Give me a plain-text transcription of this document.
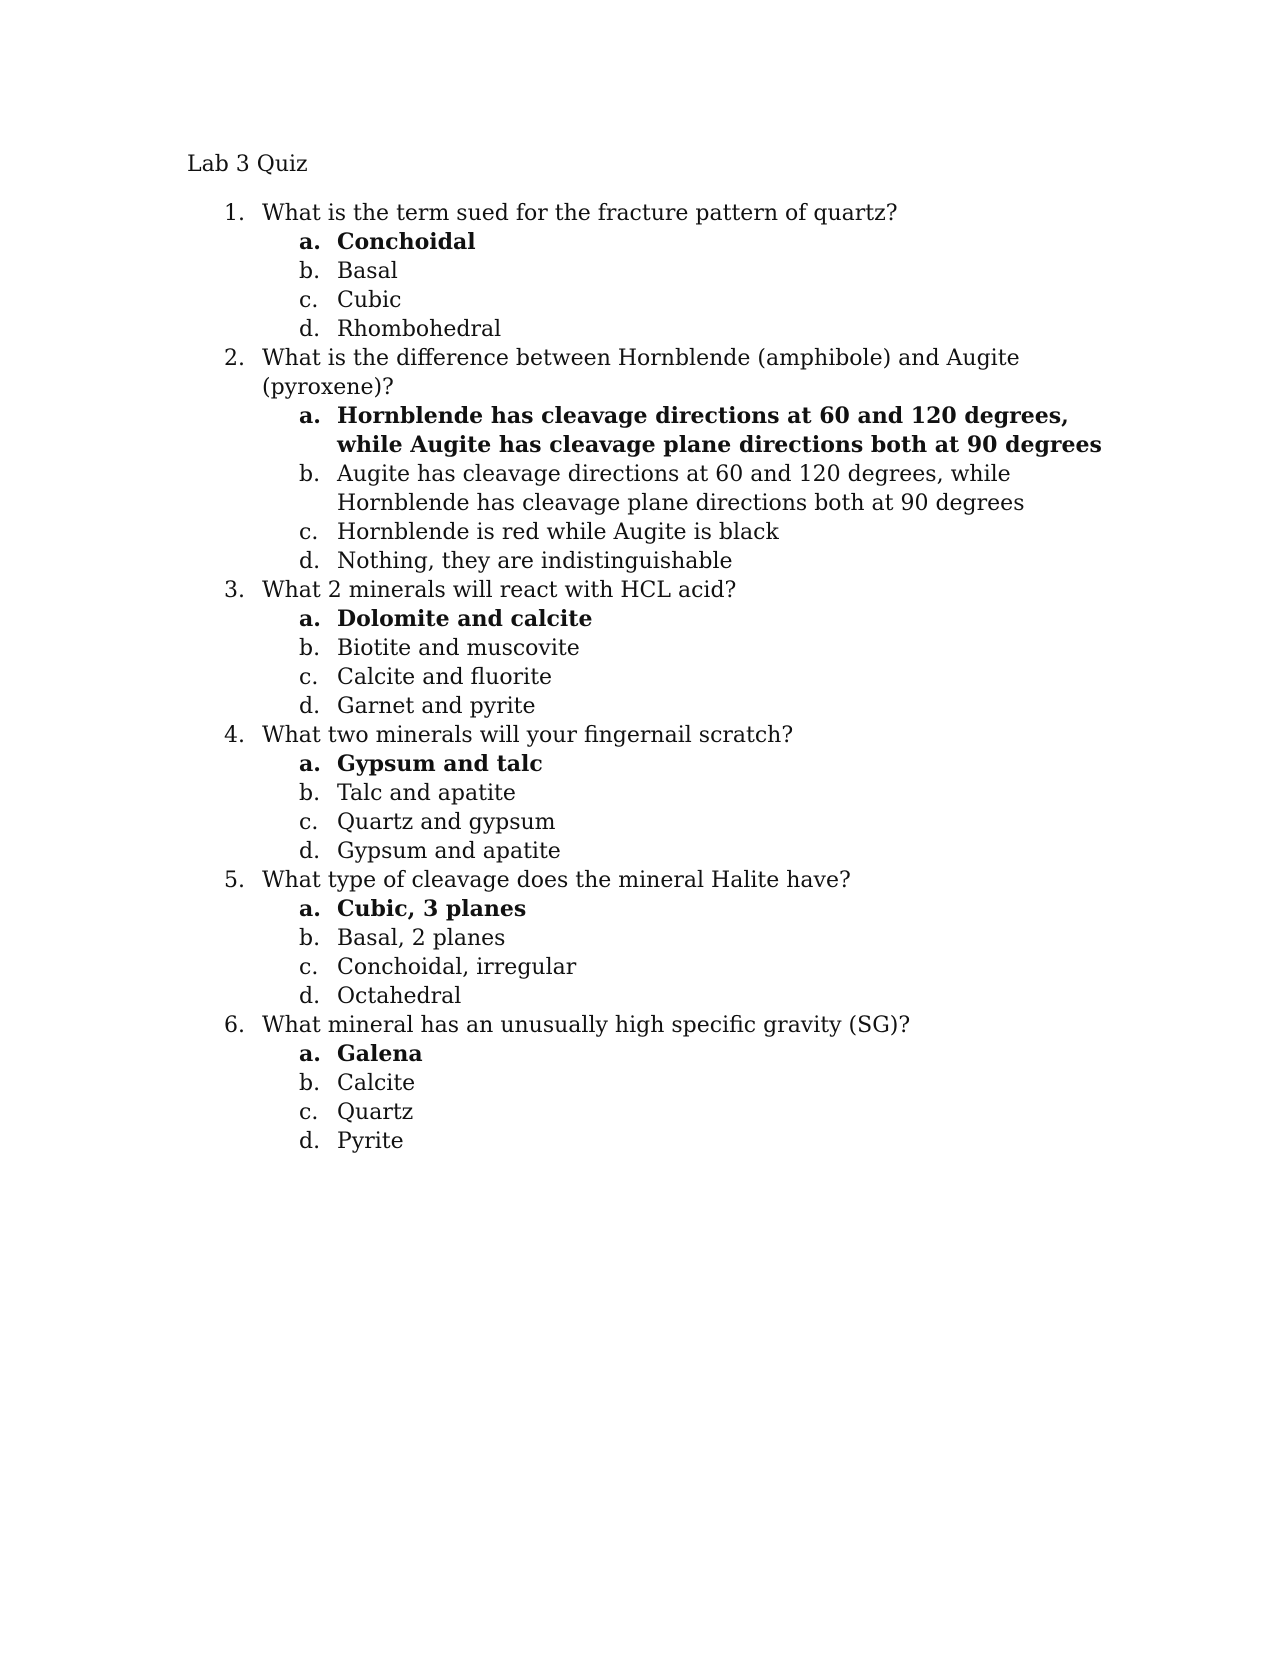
Lab 3 Quiz
1. What is the term sued for the fracture pattern of quartz?
a. Conchoidal
b. Basal
c. Cubic
d. Rhombohedral
2. What is the difference between Hornblende (amphibole) and Augite (pyroxene)?
a. Hornblende has cleavage directions at 60 and 120 degrees, while Augite has cleavage plane directions both at 90 degrees
b. Augite has cleavage directions at 60 and 120 degrees, while Hornblende has cleavage plane directions both at 90 degrees
c. Hornblende is red while Augite is black
d. Nothing, they are indistinguishable
3. What 2 minerals will react with HCL acid?
a. Dolomite and calcite
b. Biotite and muscovite
c. Calcite and fluorite
d. Garnet and pyrite
4. What two minerals will your fingernail scratch?
a. Gypsum and talc
b. Talc and apatite
c. Quartz and gypsum
d. Gypsum and apatite
5. What type of cleavage does the mineral Halite have?
a. Cubic, 3 planes
b. Basal, 2 planes
c. Conchoidal, irregular
d. Octahedral
6. What mineral has an unusually high specific gravity (SG)?
a. Galena
b. Calcite
c. Quartz
d. Pyrite
